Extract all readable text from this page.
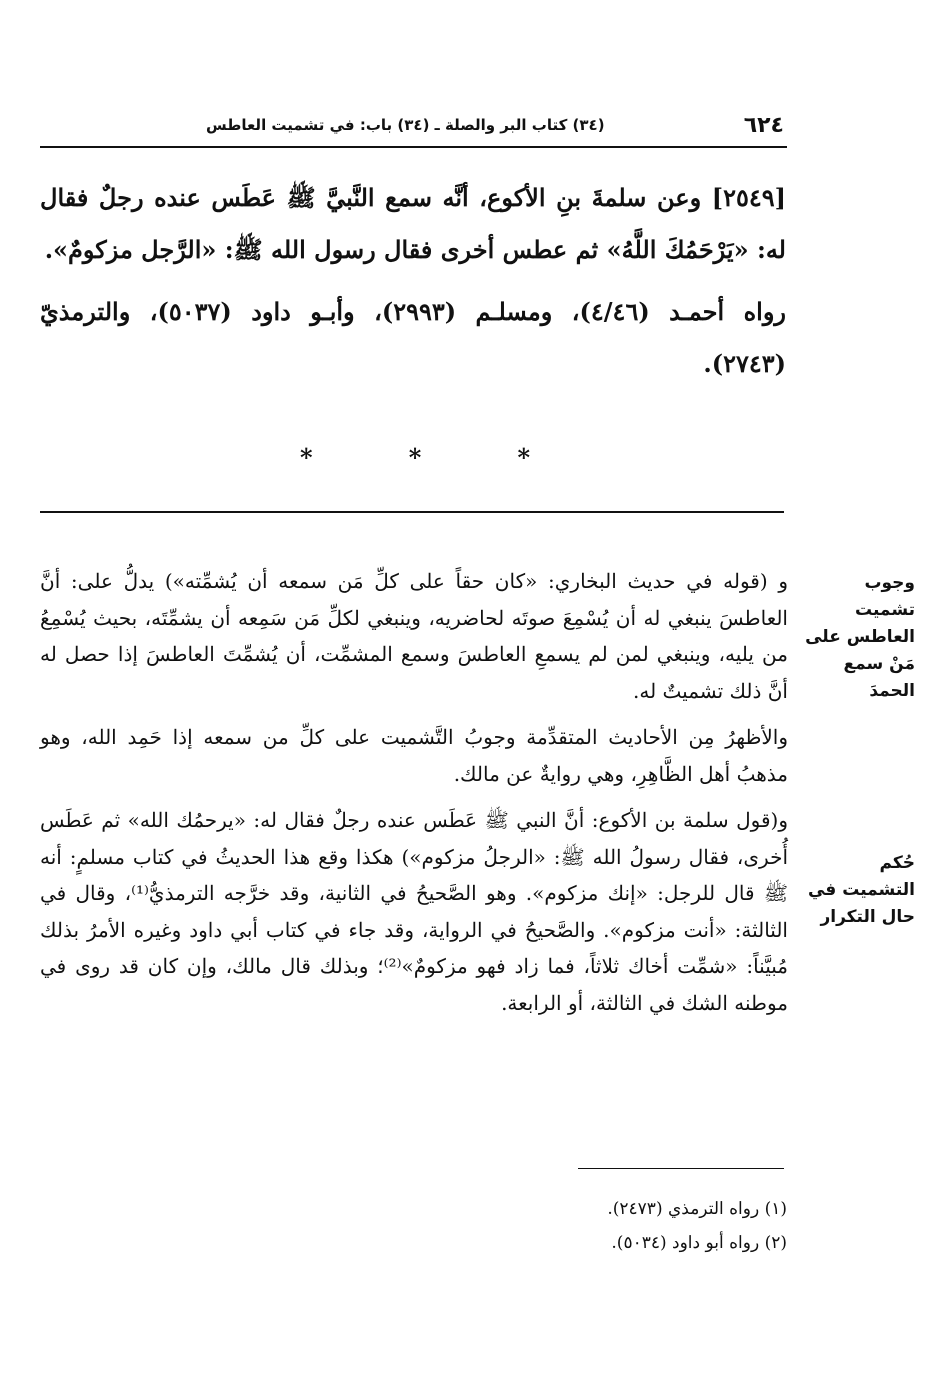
٦٢٤
(٣٤) كتاب البر والصلة ـ (٣٤) باب: في تشميت العاطس

[٢٥٤٩] وعن سلمةَ بنِ الأكوع، أنَّه سمع النَّبيَّ ﷺ عَطَس عنده رجلٌ فقال له: «يَرْحَمُكَ اللَّهُ» ثم عطس أخرى فقال رسول الله ﷺ: «الرَّجل مزكومٌ».

رواه أحمـد (٤/٤٦)، ومسلـم (٢٩٩٣)، وأبـو داود (٥٠٣٧)، والترمذيّ (٢٧٤٣).

*
*
*
وجوب تشميت العاطس على مَنْ سمع الحمدَ
حُكم التشميت في حال التكرار

و (قوله في حديث البخاري: «كان حقاً على كلِّ مَن سمعه أن يُشمِّته») يدلُّ على: أنَّ العاطسَ ينبغي له أن يُسْمِعَ صوتَه لحاضريه، وينبغي لكلِّ مَن سَمِعه أن يشمِّتَه، بحيث يُسْمِعُ من يليه، وينبغي لمن لم يسمعِ العاطسَ وسمع المشمِّت، أن يُشمِّتَ العاطسَ إذا حصل له أنَّ ذلك تشميتٌ له.

والأظهرُ مِن الأحاديث المتقدِّمة وجوبُ التَّشميت على كلِّ من سمعه إذا حَمِد الله، وهو مذهبُ أهل الظَّاهِرِ، وهي روايةٌ عن مالك.

و(قول سلمة بن الأكوع: أنَّ النبي ﷺ عَطَس عنده رجلٌ فقال له: «يرحمُك الله» ثم عَطَس أُخرى، فقال رسولُ الله ﷺ: «الرجلُ مزكوم») هكذا وقع هذا الحديثُ في كتاب مسلمٍ: أنه ﷺ قال للرجل: «إنك مزكوم». وهو الصَّحيحُ في الثانية، وقد خرَّجه الترمذيُّ⁽¹⁾، وقال في الثالثة: «أنت مزكوم». والصَّحيحُ في الرواية، وقد جاء في كتاب أبي داود وغيره الأمرُ بذلك مُبيَّناً: «شمِّت أخاك ثلاثاً، فما زاد فهو مزكومٌ»⁽²⁾؛ وبذلك قال مالك، وإن كان قد روى في موطنه الشك في الثالثة، أو الرابعة.

(١) رواه الترمذي (٢٤٧٣).
(٢) رواه أبو داود (٥٠٣٤).
